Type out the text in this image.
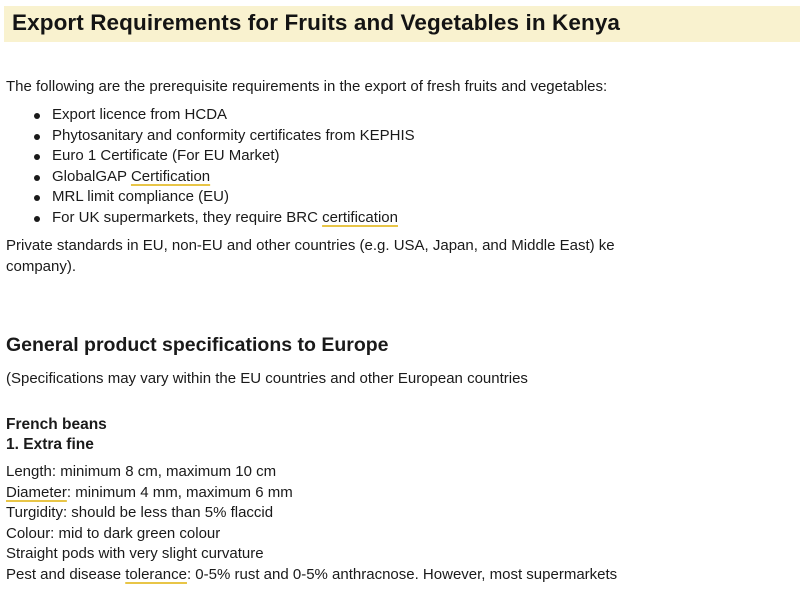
Export Requirements for Fruits and Vegetables in Kenya

The following are the prerequisite requirements in the export of fresh fruits and vegetables:

Export licence from HCDA
Phytosanitary and conformity certificates from KEPHIS
Euro 1 Certificate (For EU Market)
GlobalGAP Certification
MRL limit compliance (EU)
For UK supermarkets, they require BRC certification

Private standards in EU, non-EU and other countries (e.g. USA, Japan, and Middle East) ke
company).

General product specifications to Europe

(Specifications may vary within the EU countries and other European countries

French beans
1. Extra fine
Length: minimum 8 cm, maximum 10 cm
Diameter: minimum 4 mm, maximum 6 mm
Turgidity: should be less than 5% flaccid
Colour: mid to dark green colour
Straight pods with very slight curvature
Pest and disease tolerance: 0-5% rust and 0-5% anthracnose. However, most supermarkets
